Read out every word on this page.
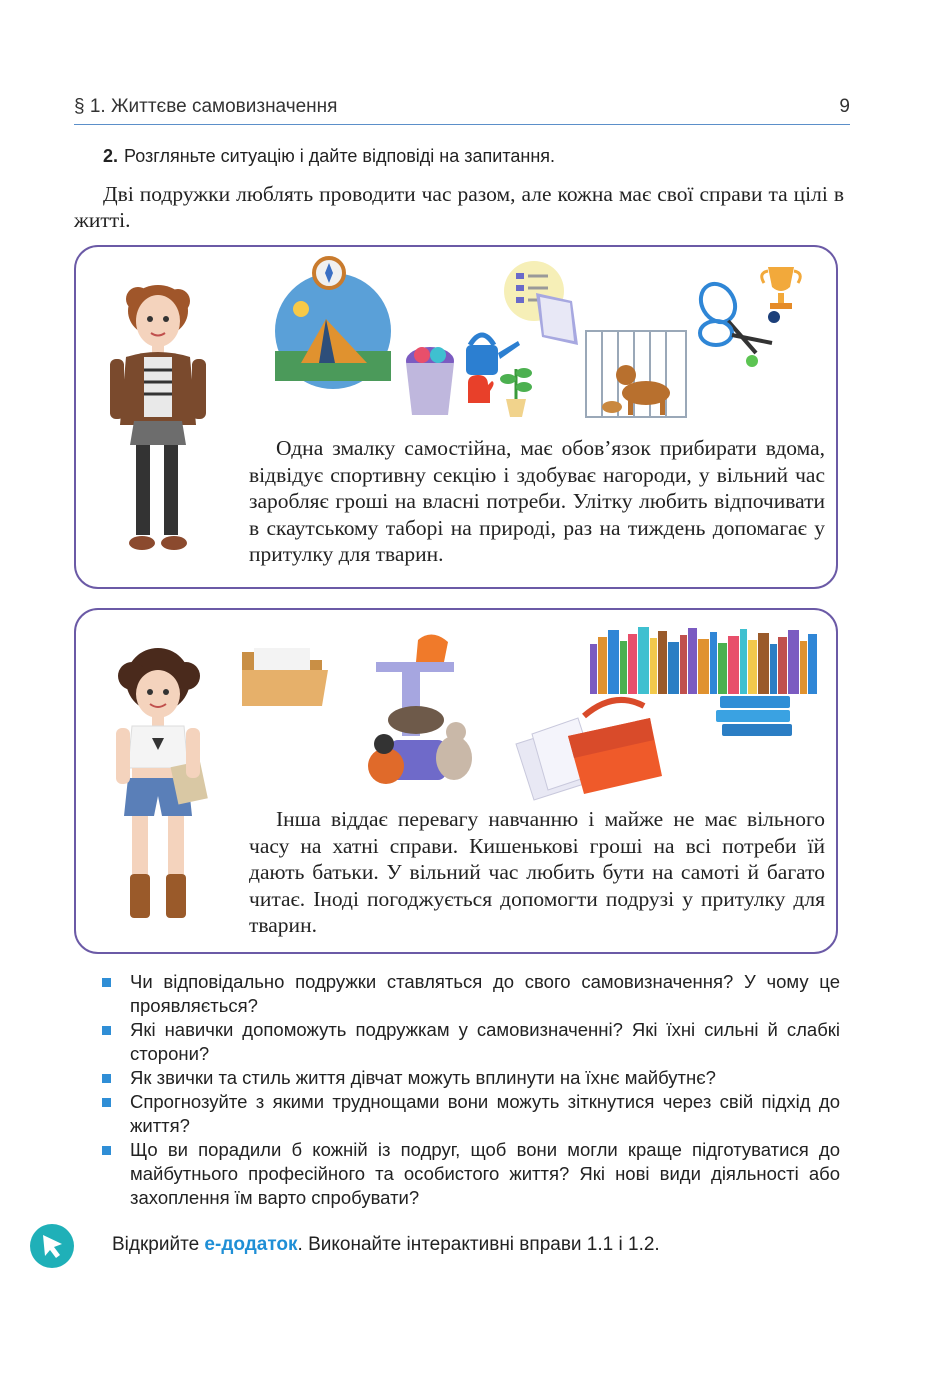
§ 1. Життєве самовизначення	9
2. Розгляньте ситуацію і дайте відповіді на запитання.
Дві подружки люблять проводити час разом, але кожна має свої справи та цілі в житті.
Одна змалку самостійна, має обов’язок прибирати вдома, відвідує спортивну секцію і здобуває нагороди, у вільний час заробляє гроші на власні потреби. Улітку любить відпочивати в скаутському таборі на природі, раз на тиждень допомагає у притулку для тварин.
Інша віддає перевагу навчанню і майже не має вільного часу на хатні справи. Кишенькові гроші на всі потреби їй дають батьки. У вільний час любить бути на самоті й багато читає. Іноді погоджується допомогти подрузі у притулку для тварин.
Чи відповідально подружки ставляться до свого самовизначення? У чому це проявляється?
Які навички допоможуть подружкам у самовизначенні? Які їхні сильні й слабкі сторони?
Як звички та стиль життя дівчат можуть вплинути на їхнє майбутнє?
Спрогнозуйте з якими труднощами вони можуть зіткнутися через свій підхід до життя?
Що ви порадили б кожній із подруг, щоб вони могли краще підготуватися до майбутнього професійного та особистого життя? Які нові види діяльності або захоплення їм варто спробувати?
Відкрийте е-додаток. Виконайте інтерактивні вправи 1.1 і 1.2.
